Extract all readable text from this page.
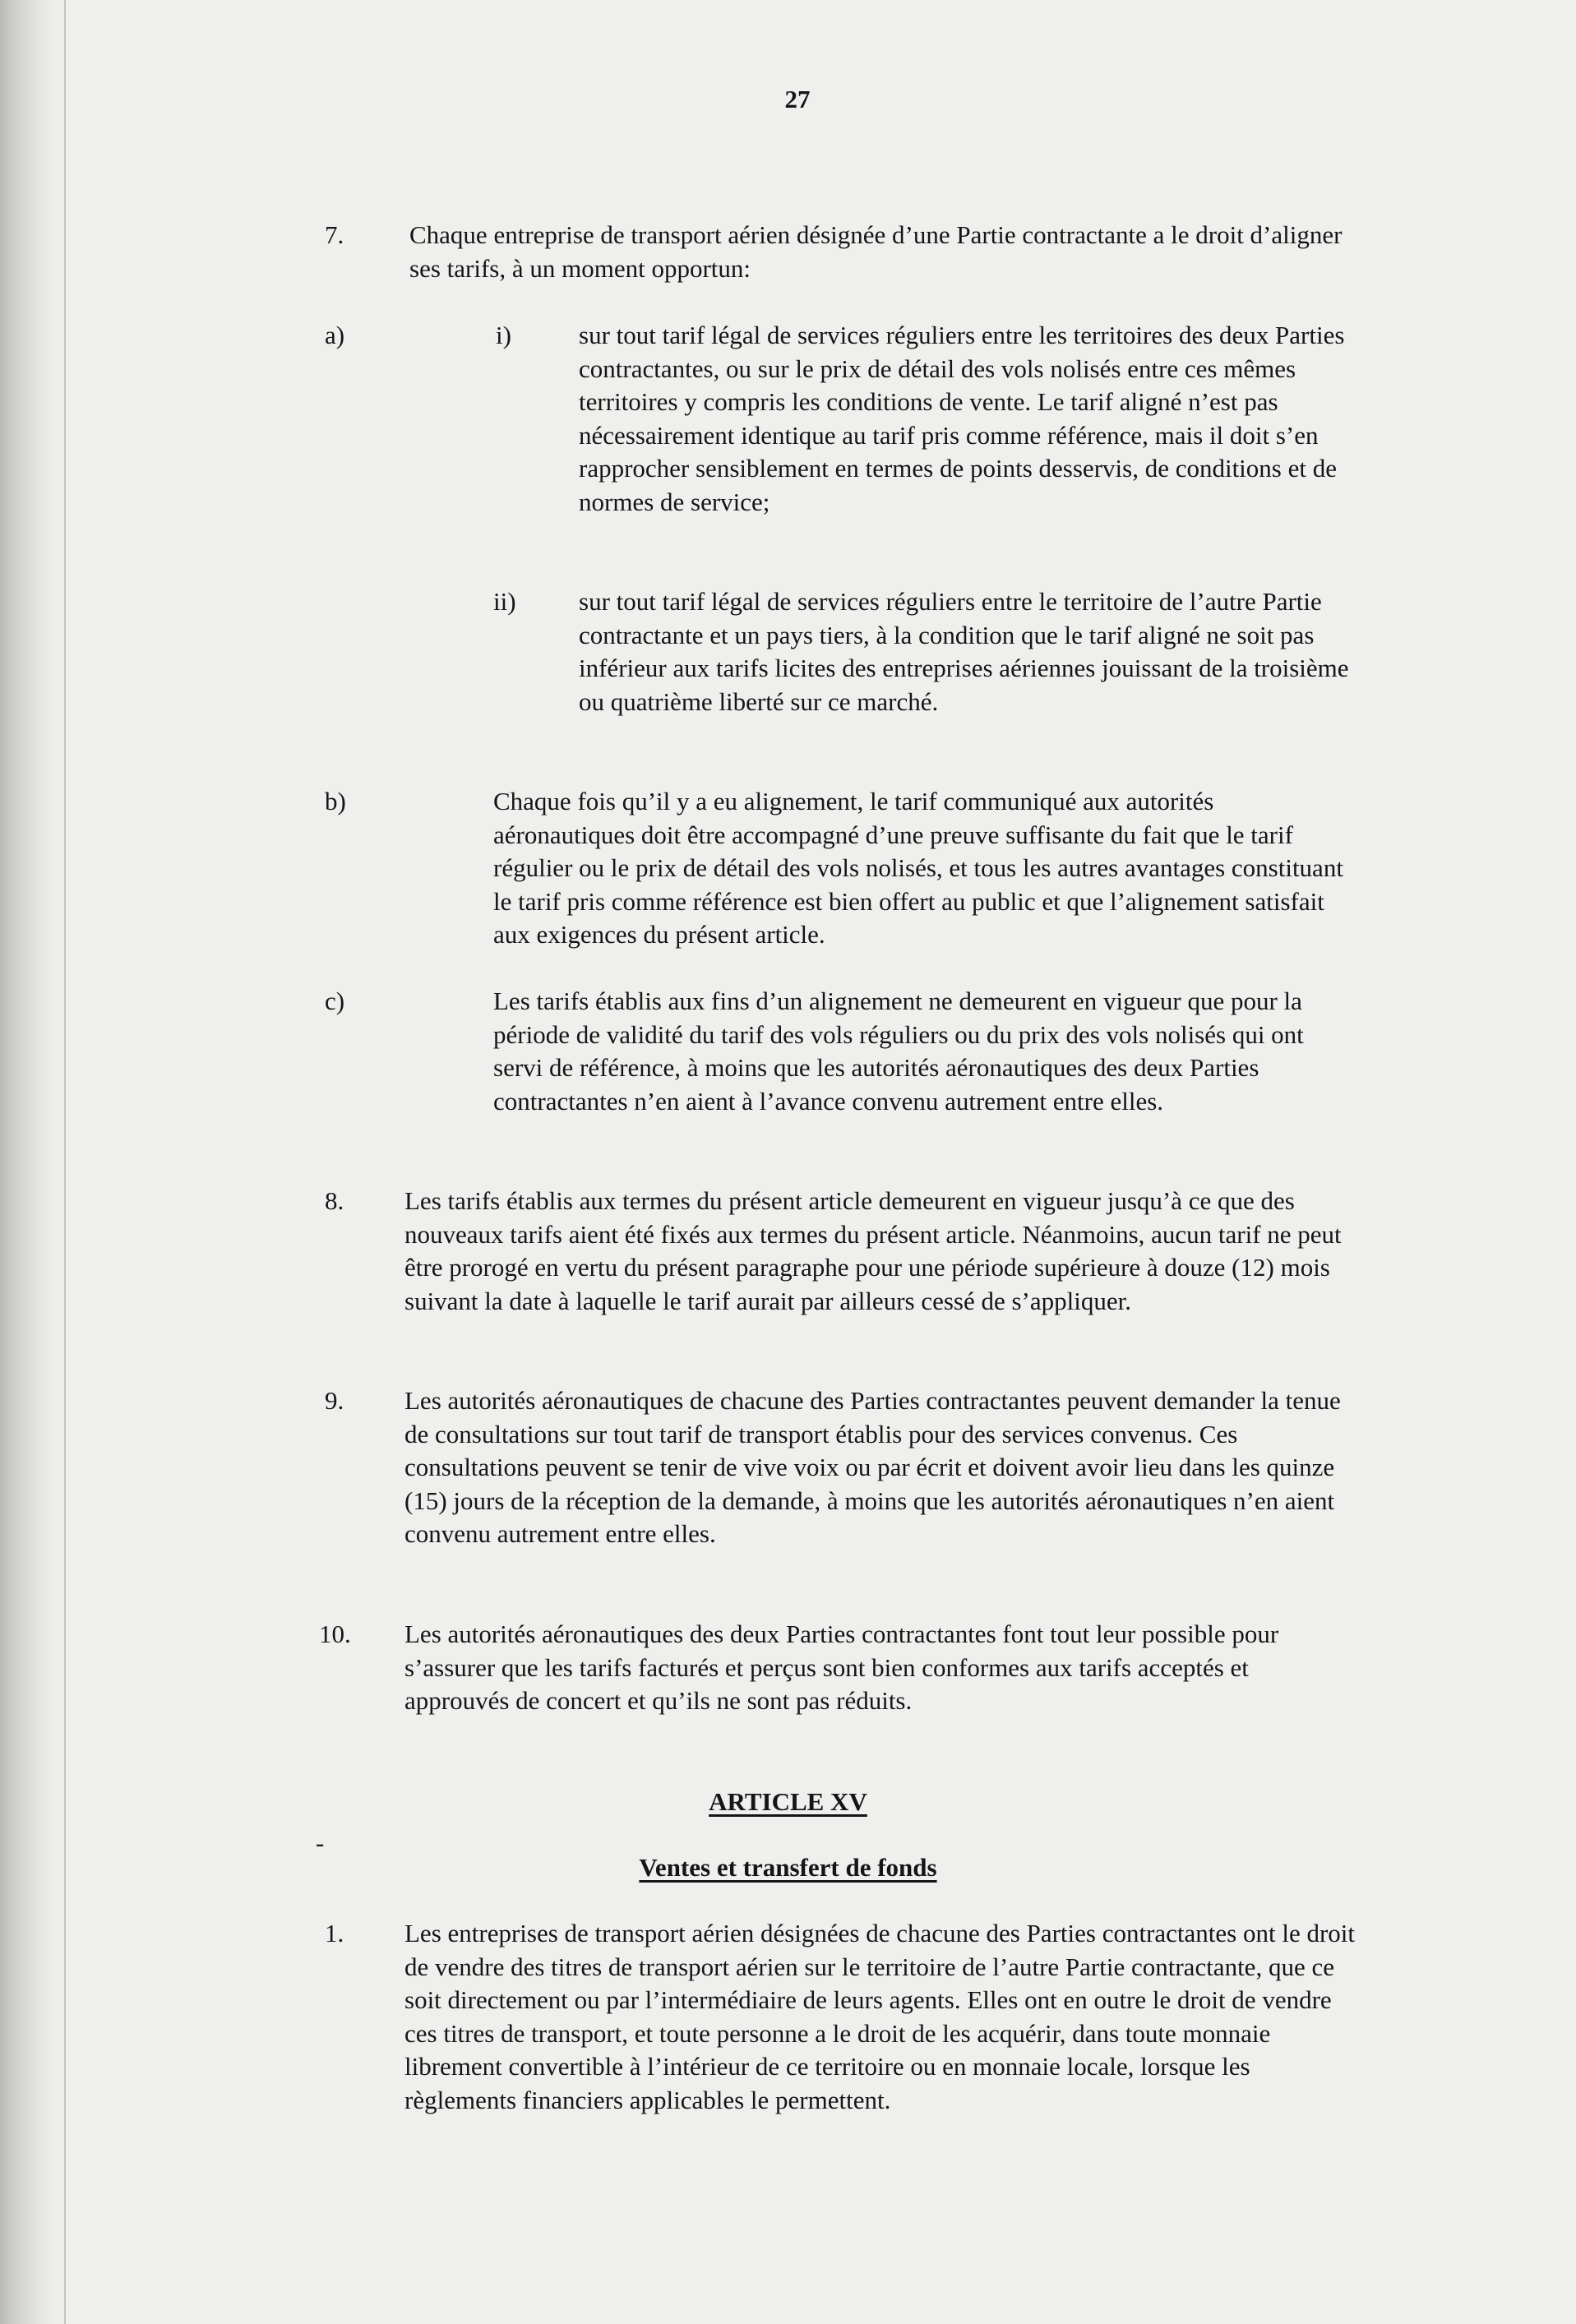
27
7.	Chaque entreprise de transport aérien désignée d’une Partie contractante a le droit d’aligner ses tarifs, à un moment opportun:

a)	i)	sur tout tarif légal de services réguliers entre les territoires des deux Parties contractantes, ou sur le prix de détail des vols nolisés entre ces mêmes territoires y compris les conditions de vente. Le tarif aligné n’est pas nécessairement identique au tarif pris comme référence, mais il doit s’en rapprocher sensiblement en termes de points desservis, de conditions et de normes de service;

ii) sur tout tarif légal de services réguliers entre le territoire de l’autre Partie contractante et un pays tiers, à la condition que le tarif aligné ne soit pas inférieur aux tarifs licites des entreprises aériennes jouissant de la troisième ou quatrième liberté sur ce marché.

b)	Chaque fois qu’il y a eu alignement, le tarif communiqué aux autorités aéronautiques doit être accompagné d’une preuve suffisante du fait que le tarif régulier ou le prix de détail des vols nolisés, et tous les autres avantages constituant le tarif pris comme référence est bien offert au public et que l’alignement satisfait aux exigences du présent article.

c)	Les tarifs établis aux fins d’un alignement ne demeurent en vigueur que pour la période de validité du tarif des vols réguliers ou du prix des vols nolisés qui ont servi de référence, à moins que les autorités aéronautiques des deux Parties contractantes n’en aient à l’avance convenu autrement entre elles.

8. Les tarifs établis aux termes du présent article demeurent en vigueur jusqu’à ce que des nouveaux tarifs aient été fixés aux termes du présent article. Néanmoins, aucun tarif ne peut être prorogé en vertu du présent paragraphe pour une période supérieure à douze (12) mois suivant la date à laquelle le tarif aurait par ailleurs cessé de s’appliquer.

9. Les autorités aéronautiques de chacune des Parties contractantes peuvent demander la tenue de consultations sur tout tarif de transport établis pour des services convenus. Ces consultations peuvent se tenir de vive voix ou par écrit et doivent avoir lieu dans les quinze (15) jours de la réception de la demande, à moins que les autorités aéronautiques n’en aient convenu autrement entre elles.

10. Les autorités aéronautiques des deux Parties contractantes font tout leur possible pour s’assurer que les tarifs facturés et perçus sont bien conformes aux tarifs acceptés et approuvés de concert et qu’ils ne sont pas réduits.

ARTICLE XV
-
Ventes et transfert de fonds
1. Les entreprises de transport aérien désignées de chacune des Parties contractantes ont le droit de vendre des titres de transport aérien sur le territoire de l’autre Partie contractante, que ce soit directement ou par l’intermédiaire de leurs agents. Elles ont en outre le droit de vendre ces titres de transport, et toute personne a le droit de les acquérir, dans toute monnaie librement convertible à l’intérieur de ce territoire ou en monnaie locale, lorsque les règlements financiers applicables le permettent.
